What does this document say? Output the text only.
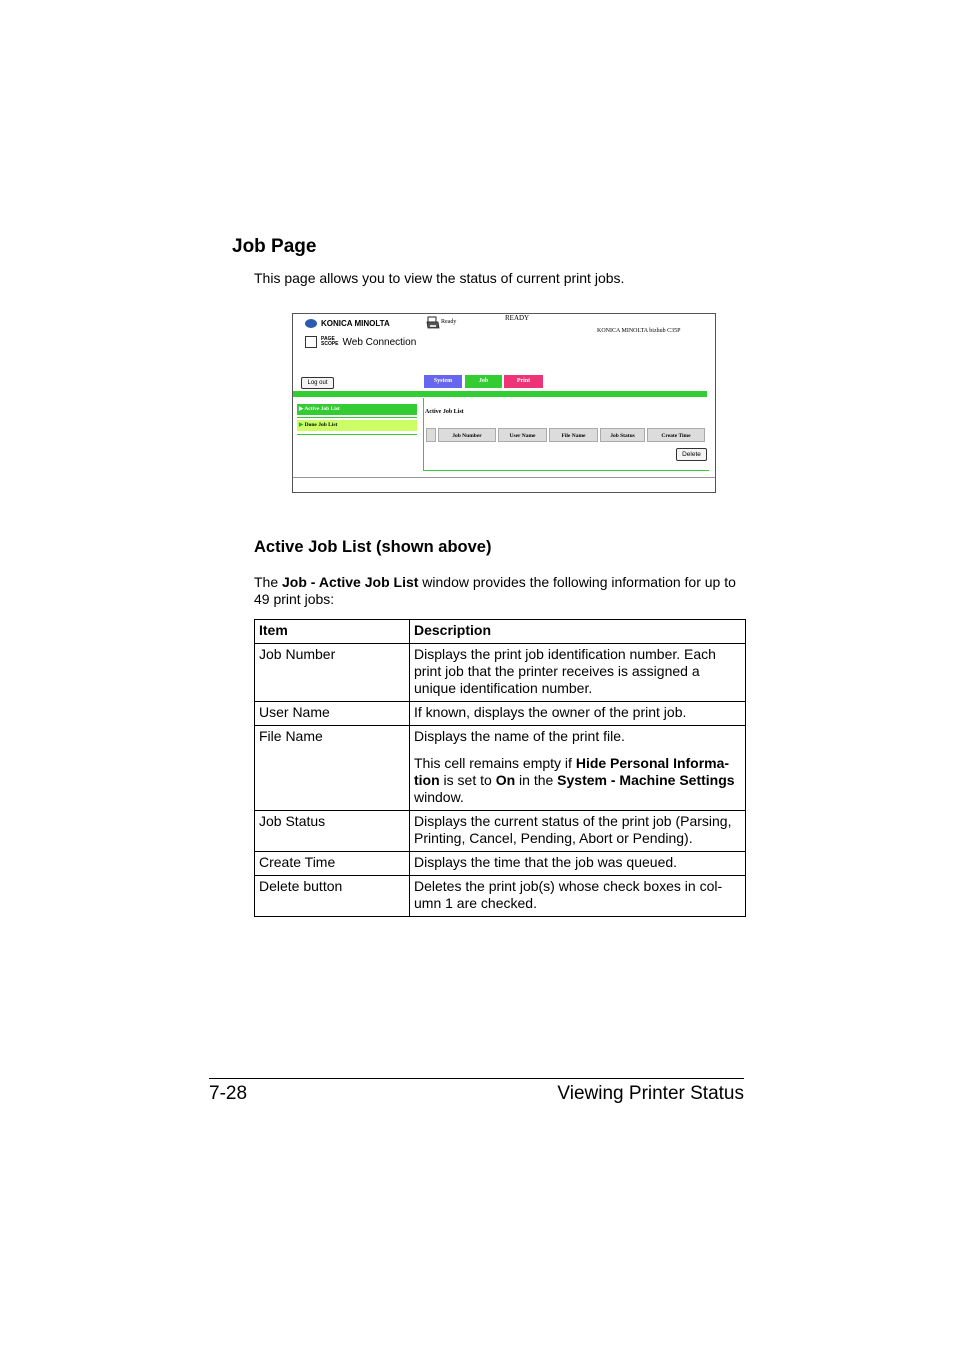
Job Page
This page allows you to view the status of current print jobs.
KONICA MINOLTA
PAGE
SCOPE Web Connection
Ready	READY
KONICA MINOLTA bizhub C35P
Log out	System	Job	Print
▶ Active Job List
▶ Done Job List
Active Job List
Job Number	User Name	File Name	Job Status	Create Time
Delete
Active Job List (shown above)
The Job - Active Job List window provides the following information for up to 49 print jobs:
Item	Description
Job Number	Displays the print job identification number. Each print job that the printer receives is assigned a unique identification number.
User Name	If known, displays the owner of the print job.
File Name	Displays the name of the print file.

This cell remains empty if Hide Personal Informa-tion is set to On in the System - Machine Settings window.

Job Status	Displays the current status of the print job (Parsing, Printing, Cancel, Pending, Abort or Pending).
Create Time	Displays the time that the job was queued.
Delete button	Deletes the print job(s) whose check boxes in col-umn 1 are checked.
7-28	Viewing Printer Status
